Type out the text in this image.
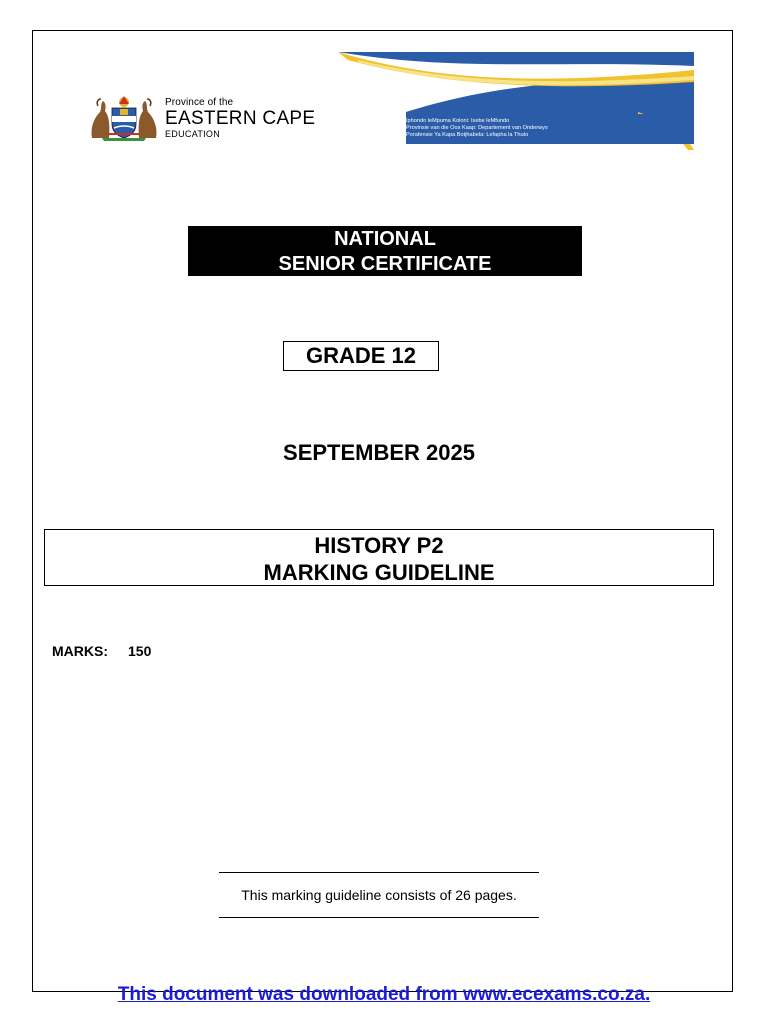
Province of the
EASTERN CAPE
EDUCATION
Iphondo leMpuma Koloni: Isebe leMfundo
Provinsie van die Oos Kaap: Departement van Onderwys
Porafensie Ya Kapa Botjhabela: Lefapha la Thuto
NATIONAL
SENIOR CERTIFICATE
GRADE 12
SEPTEMBER 2025
HISTORY P2
MARKING GUIDELINE
MARKS: 150
This marking guideline consists of 26 pages.
This document was downloaded from www.ecexams.co.za.
